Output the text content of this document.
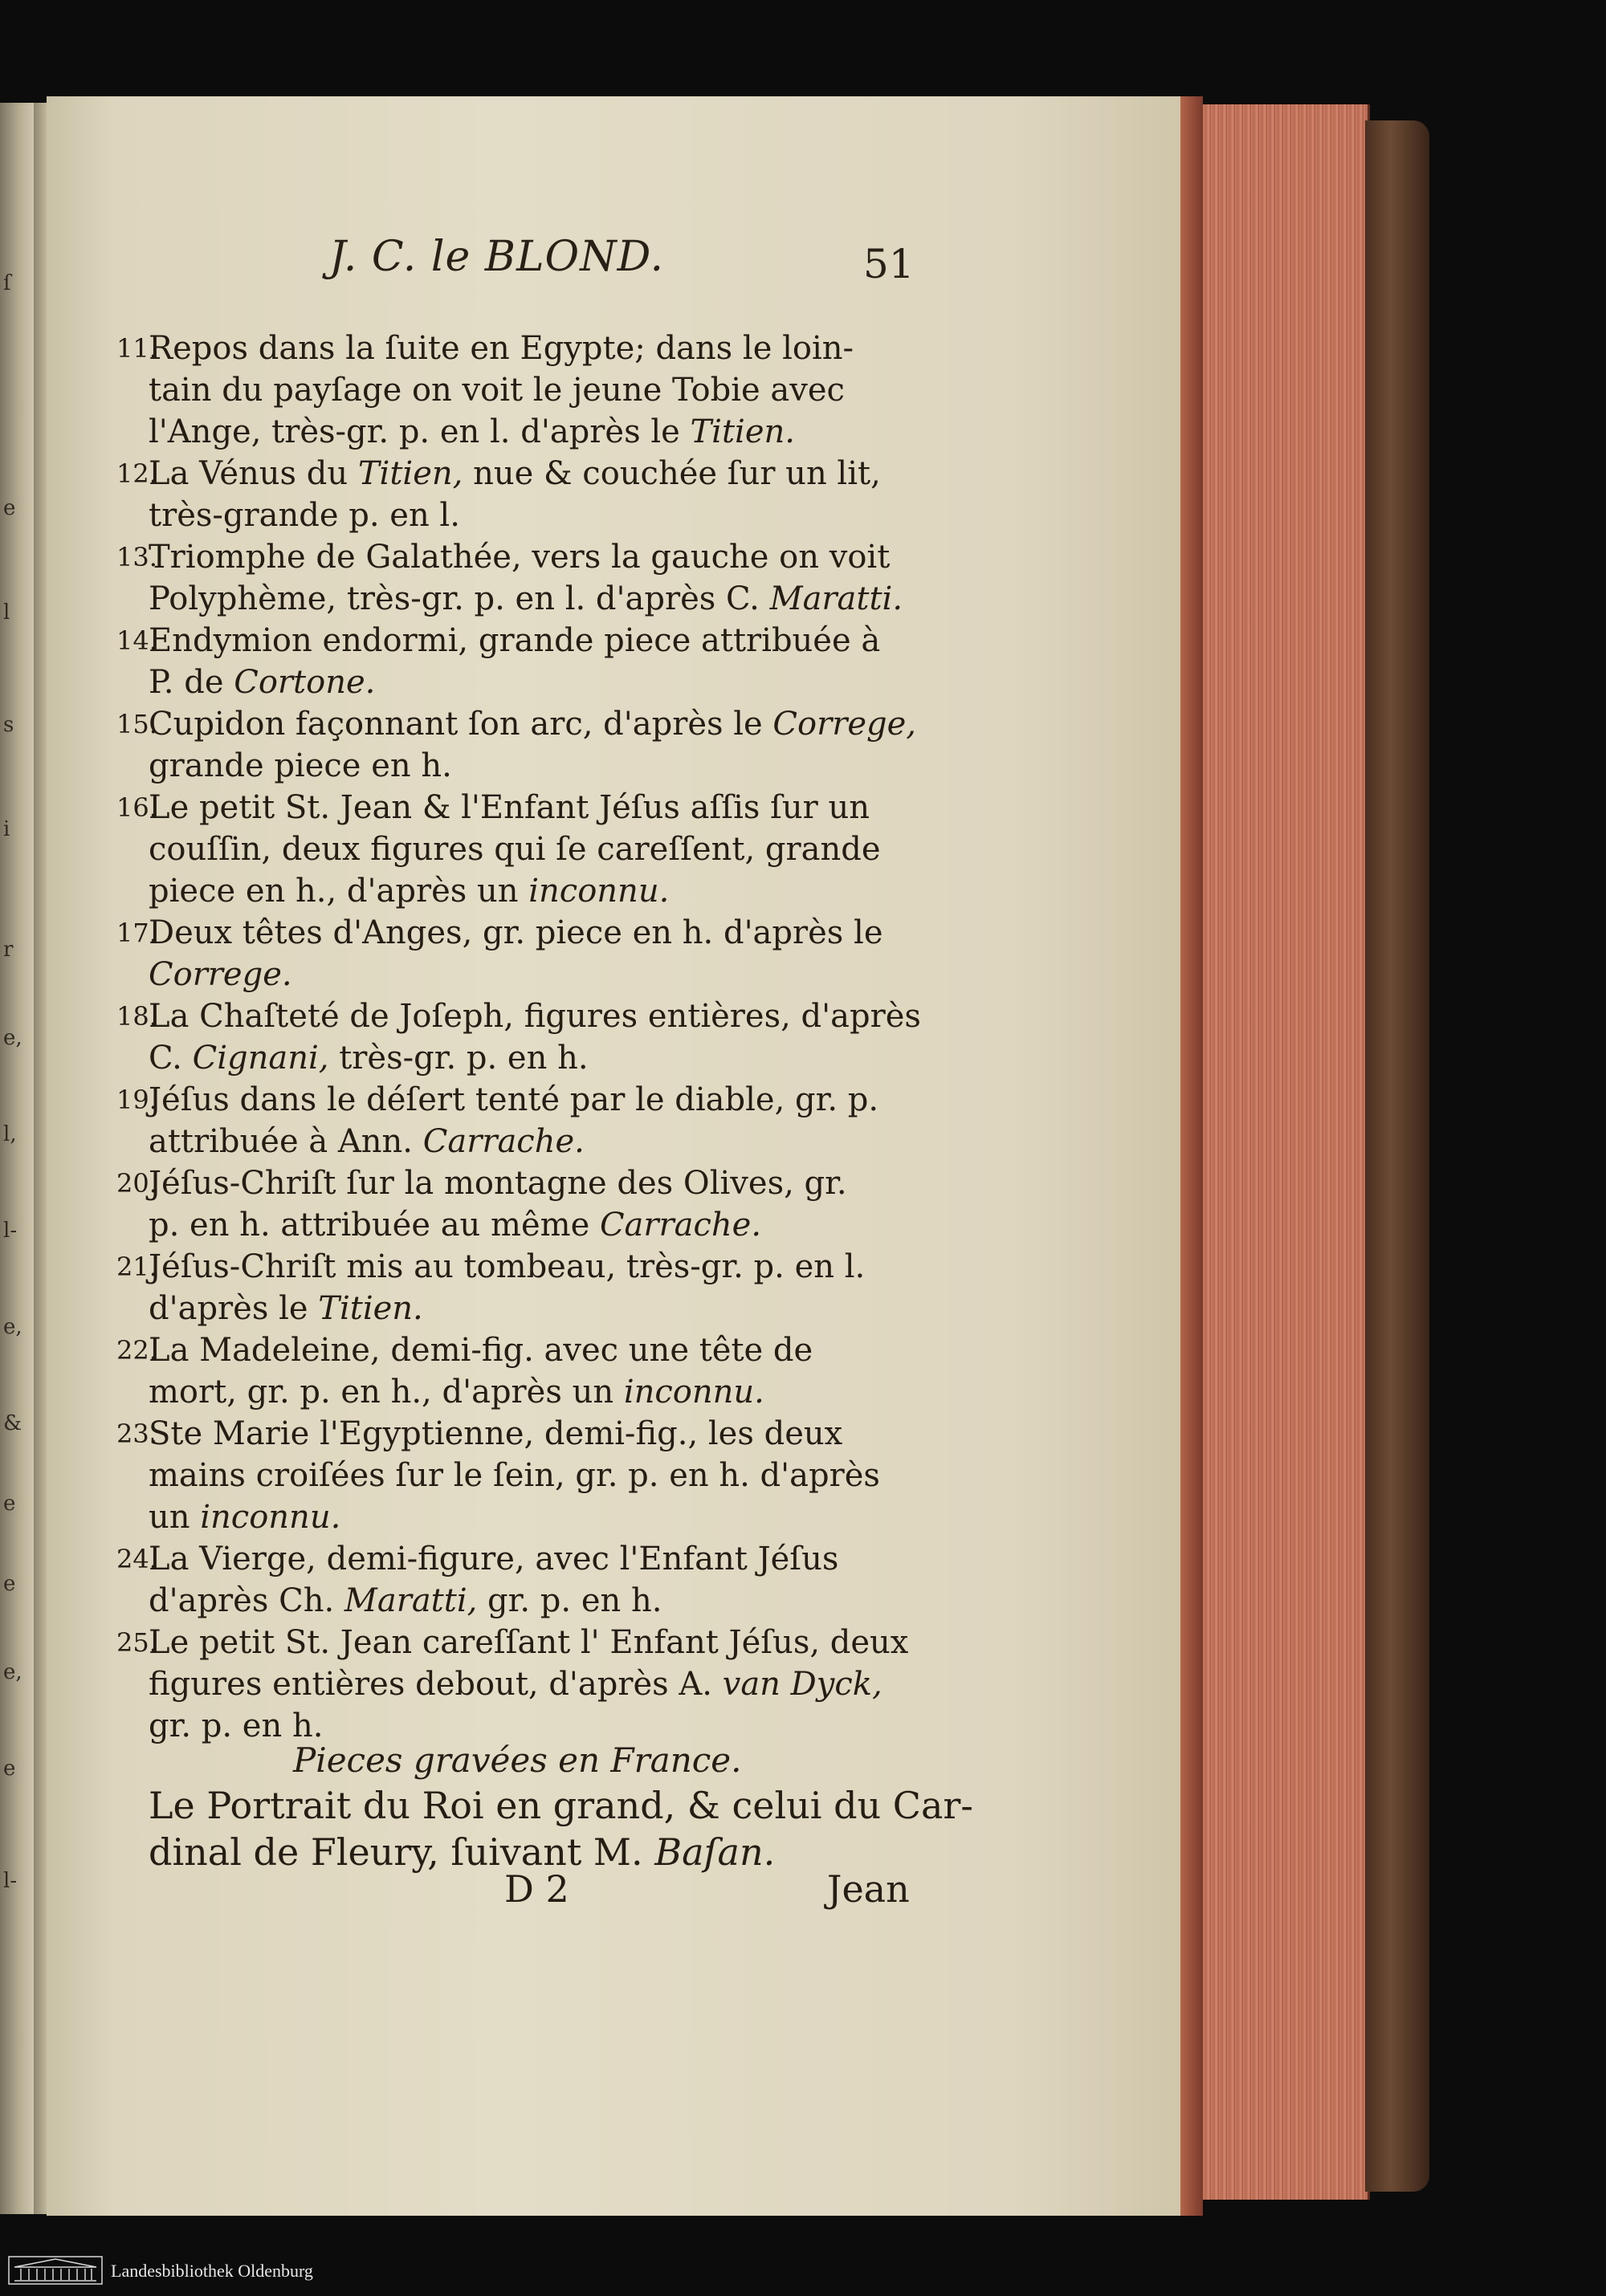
ſ
e
l
s
i
r
e,
l,
l-
e,
&
e
e
e,
e
l-
J. C. le BLOND.	51
11.
Repos dans la ſuite en Egypte; dans le loin-
tain du payſage on voit le jeune Tobie avec
l'Ange, très-gr. p. en l. d'après le Titien.
12.
La Vénus du Titien, nue & couchée ſur un lit,
très-grande p. en l.
13.
Triomphe de Galathée, vers la gauche on voit
Polyphème, très-gr. p. en l. d'après C. Maratti.
14.
Endymion endormi, grande piece attribuée à
P. de Cortone.
15.
Cupidon façonnant ſon arc, d'après le Correge,
grande piece en h.
16.
Le petit St. Jean & l'Enfant Jéſus aſſis ſur un
couſſin, deux figures qui ſe careſſent, grande
piece en h., d'après un inconnu.
17.
Deux têtes d'Anges, gr. piece en h. d'après le
Correge.
18.
La Chaſteté de Joſeph, figures entières, d'après
C. Cignani, très-gr. p. en h.
19.
Jéſus dans le déſert tenté par le diable, gr. p.
attribuée à Ann. Carrache.
20.
Jéſus-Chriſt ſur la montagne des Olives, gr.
p. en h. attribuée au même Carrache.
21.
Jéſus-Chriſt mis au tombeau, très-gr. p. en l.
d'après le Titien.
22.
La Madeleine, demi-fig. avec une tête de
mort, gr. p. en h., d'après un inconnu.
23.
Ste Marie l'Egyptienne, demi-fig., les deux
mains croiſées ſur le ſein, gr. p. en h. d'après
un inconnu.
24.
La Vierge, demi-figure, avec l'Enfant Jéſus
d'après Ch. Maratti, gr. p. en h.
25.
Le petit St. Jean careſſant l' Enfant Jéſus, deux
figures entières debout, d'après A. van Dyck,
gr. p. en h.
Pieces gravées en France.
Le Portrait du Roi en grand, & celui du Car-
dinal de Fleury, ſuivant M. Baſan.
D 2	Jean
Landesbibliothek Oldenburg
